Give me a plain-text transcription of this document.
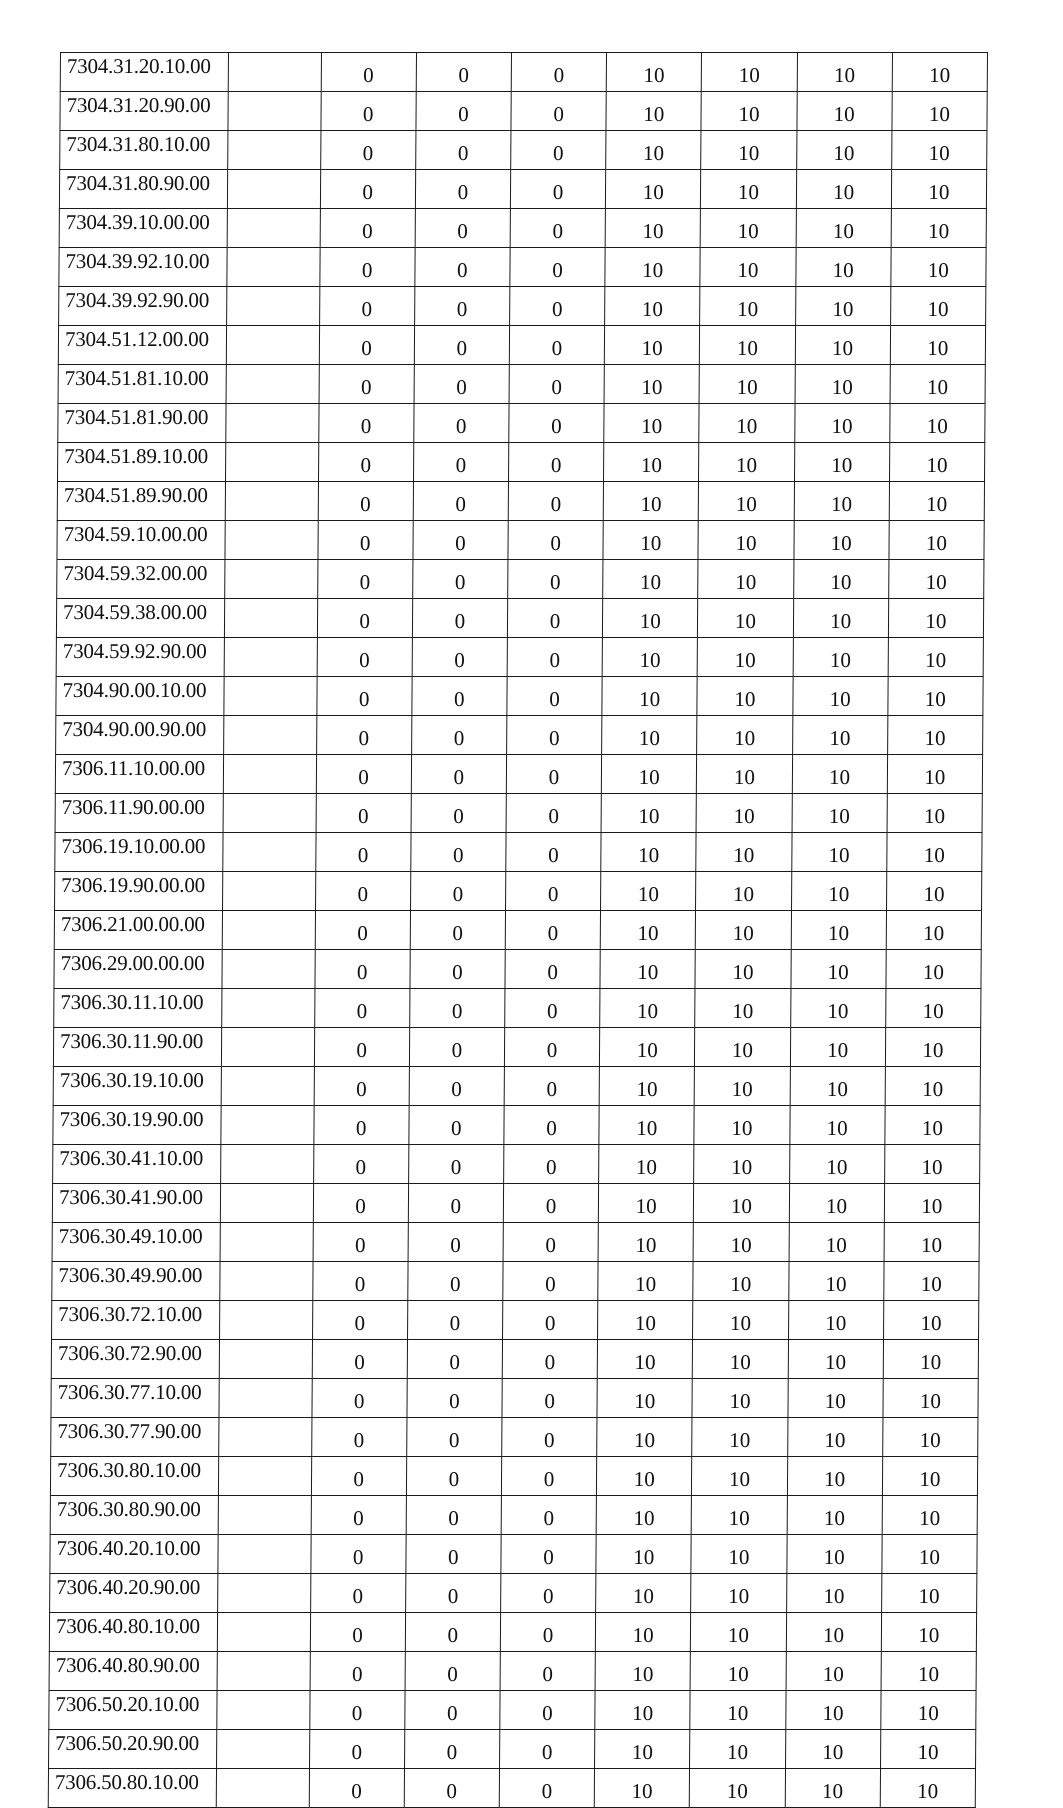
7304.31.20.10.00		0	0	0	10	10	10	10
7304.31.20.90.00		0	0	0	10	10	10	10
7304.31.80.10.00		0	0	0	10	10	10	10
7304.31.80.90.00		0	0	0	10	10	10	10
7304.39.10.00.00		0	0	0	10	10	10	10
7304.39.92.10.00		0	0	0	10	10	10	10
7304.39.92.90.00		0	0	0	10	10	10	10
7304.51.12.00.00		0	0	0	10	10	10	10
7304.51.81.10.00		0	0	0	10	10	10	10
7304.51.81.90.00		0	0	0	10	10	10	10
7304.51.89.10.00		0	0	0	10	10	10	10
7304.51.89.90.00		0	0	0	10	10	10	10
7304.59.10.00.00		0	0	0	10	10	10	10
7304.59.32.00.00		0	0	0	10	10	10	10
7304.59.38.00.00		0	0	0	10	10	10	10
7304.59.92.90.00		0	0	0	10	10	10	10
7304.90.00.10.00		0	0	0	10	10	10	10
7304.90.00.90.00		0	0	0	10	10	10	10
7306.11.10.00.00		0	0	0	10	10	10	10
7306.11.90.00.00		0	0	0	10	10	10	10
7306.19.10.00.00		0	0	0	10	10	10	10
7306.19.90.00.00		0	0	0	10	10	10	10
7306.21.00.00.00		0	0	0	10	10	10	10
7306.29.00.00.00		0	0	0	10	10	10	10
7306.30.11.10.00		0	0	0	10	10	10	10
7306.30.11.90.00		0	0	0	10	10	10	10
7306.30.19.10.00		0	0	0	10	10	10	10
7306.30.19.90.00		0	0	0	10	10	10	10
7306.30.41.10.00		0	0	0	10	10	10	10
7306.30.41.90.00		0	0	0	10	10	10	10
7306.30.49.10.00		0	0	0	10	10	10	10
7306.30.49.90.00		0	0	0	10	10	10	10
7306.30.72.10.00		0	0	0	10	10	10	10
7306.30.72.90.00		0	0	0	10	10	10	10
7306.30.77.10.00		0	0	0	10	10	10	10
7306.30.77.90.00		0	0	0	10	10	10	10
7306.30.80.10.00		0	0	0	10	10	10	10
7306.30.80.90.00		0	0	0	10	10	10	10
7306.40.20.10.00		0	0	0	10	10	10	10
7306.40.20.90.00		0	0	0	10	10	10	10
7306.40.80.10.00		0	0	0	10	10	10	10
7306.40.80.90.00		0	0	0	10	10	10	10
7306.50.20.10.00		0	0	0	10	10	10	10
7306.50.20.90.00		0	0	0	10	10	10	10
7306.50.80.10.00		0	0	0	10	10	10	10
